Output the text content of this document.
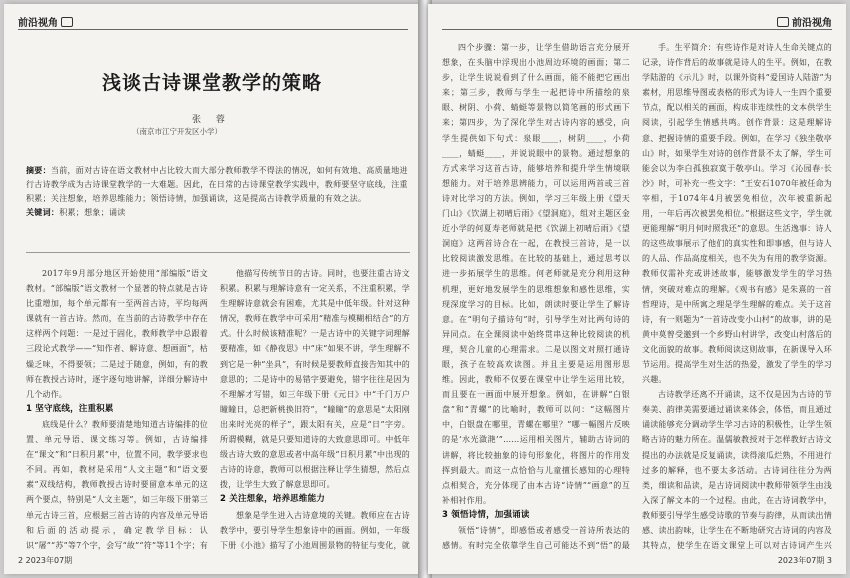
前沿视角
浅谈古诗课堂教学的策略
张 蓉
（南京市江宁开发区小学）
摘要：当前，面对古诗在语文教材中占比较大而大部分教师教学不得法的情况，如何有效地、高质量地进行古诗教学成为古诗课堂教学的一大难题。因此，在日常的古诗课堂教学实践中，教师要坚守底线，注重积累；关注想象，培养思维能力；领悟诗情，加强诵读，这是提高古诗教学质量的有效之法。
关键词：积累；想象；诵读

2017年9月部分地区开始使用“部编版”语文教材。“部编版”语文教材一个显著的特点就是古诗比重增加，每个单元都有一至两首古诗，平均每两课就有一首古诗。然而，在当前的古诗教学中存在这样两个问题：一是过于固化，教师教学中总跟着三段论式教学——“知作者、解诗意、想画面”，枯燥乏味，不得要领；二是过于随意，例如，有的教师在教授古诗时，逐字逐句地讲解，详细分解诗中几个动作。

1 坚守底线，注重积累

底线是什么？教师要清楚地知道古诗编排的位置、单元导语、课文练习等。例如，古诗编排在“课文”和“日积月累”中，位置不同，教学要求也不同。再如，教材是采用“人文主题”和“语文要素”双线结构，教师教授古诗时要留意本单元的这两个要点，特别是“人文主题”，如三年级下册第三单元古诗三首，应根据三首古诗的内容及单元导语和后面的活动提示，确定教学目标：认识“屠”“苏”等7个字，会写“故”“符”等11个字；有

他描写传统节日的古诗。同时，也要注重古诗文积累。积累与理解诗意有一定关系，不注重积累，学生理解诗意就会有困难，尤其是中低年级。针对这种情况，教师在教学中可采用“精准与模糊相结合”的方式。什么时候该精准呢？一是古诗中的关键字词理解要精准，如《静夜思》中“床”如果不讲，学生理解不到它是一种“坐具”，有时候是要教师直接告知其中的意思的；二是诗中的易错字要避免，错字往往是因为不理解才写错，如三年级下册《元日》中“千门万户瞳瞳日，总把新桃换旧符”，“瞳瞳”的意思是“太阳刚出来时光亮的样子”，跟太阳有关，应是“日”字旁。所谓模糊，就是只要知道诗的大致意思即可。中低年级古诗大致的意思或者中高年级“日积月累”中出现的古诗的诗意，教师可以根据注释让学生猜想，然后点拨，让学生大致了解意思即可。

2 关注想象，培养思维能力

想象是学生进入古诗意境的关键。教师应在古诗教学中，要引导学生想象诗中的画面。例如，一年级下册《小池》描写了小池周围景物的特征与变化，就

2 2023年07期
前沿视角

四个步骤：第一步，让学生借助语言充分展开想象，在头脑中浮现出小池周边环境的画面；第二步，让学生说说看到了什么画面，能不能把它画出来；第三步，教师与学生一起把诗中所描绘的泉眼、树阴、小荷、蜻蜓等景物以简笔画的形式画下来；第四步，为了深化学生对古诗内容的感受，向学生提供如下句式：泉眼____，树阴____，小荷____，蜻蜓____，并说说眼中的景物。通过想象的方式来学习这首古诗，能够培养和提升学生情境联想能力。对于培养思辨能力，可以运用两首或三首诗对比学习的方法。例如，学习三年级上册《望天门山》《饮湖上初晴后雨》《望洞庭》，组对主题区金近小学的何夏寿老师就是把《饮湖上初晴后雨》《望洞庭》这两首诗合在一起，在教授三首诗，是一以比较阅读激发思维。在比较的基础上，通过思考以进一步拓展学生的思维。何老师就是充分利用这种机理，更好地发展学生的思维想象和感性思维，实现深度学习的目标。比如，朗读时要让学生了解诗意。在“明句子描诗句”时，引导学生对比两句诗的异同点。在全课阅读中始终贯串这种比较阅读的机理，契合儿童的心理需求。二是以图文对照打通诗眼，孩子在较高欢读图。并且主要是运用图形思维。因此，教师不仅要在课堂中让学生运用比较，而且要在一画面中展开想象。例如，在讲解“白银盘”和“青螺”的比喻时，教师可以问：“这幅图片中，白银盘在哪里，青螺在哪里？”哪一幅图片反映的是‘水光潋滟’”……运用相关图片，辅助古诗词的讲解，将比较抽象的诗句形象化，将图片的作用发挥到最大。而这一点恰恰与儿童擅长感知的心理特点相契合，充分体现了由本古诗“诗情”“画意”的互补相衬作用。

3 领悟诗情，加强诵读

领悟“诗情”，即感悟或者感受一首诗所表达的感情。有时完全依靠学生自己可能达不到“悟”的最

手。生平简介：有些诗作是对诗人生命关键点的记录，诗作背后的故事就是诗人的生平。例如，在教学陆游的《示儿》时，以课外资料“爱国诗人陆游”为素材，用思维导图或表格的形式为诗人一生四个重要节点，配以相关的画面，构成非连续性的文本供学生阅读，引起学生情感共鸣。创作背景：这是理解诗意、把握诗情的重要手段。例如，在学习《独坐敬亭山》时，如果学生对诗的创作背景不太了解，学生可能会以为李白孤独寂寞于敬亭山。学习《沁园春·长沙》时，可补充一些文字：“王安石1070年被任命为宰相，于1074年4月被罢免相位，次年被重新起用，一年后再次被罢免相位。”根据这些文字，学生就更能理解“明月何时照我还”的意思。生活逸事：诗人的这些故事展示了他们的真实性和即事感，但与诗人的人品、作品高度相关，也不失为有用的教学资源。教师仅需补充或讲述故事，能够激发学生的学习热情，突破对难点的理解。《观书有感》是朱熹的一首哲理诗，是中所寓之理是学生理解的难点。关于这首诗，有一则题为“一首诗改变小山村”的故事，讲的是黄中莫曾受邀到一个乡野山村讲学，改变山村落后的文化面貌的故事。教师阅读这则故事，在新课导入环节运用。提高学生对生活的热爱，激发了学生的学习兴趣。

古诗教学还离不开诵读，这不仅是因为古诗的节奏美、韵律美需要通过诵读来体会，体悟，而且通过诵读能够充分调动学生学习古诗的积极性，让学生领略古诗的魅力所在。温儒敏教授对于怎样教好古诗文提出的办法就是反复诵读，读得滚瓜烂熟，不用进行过多的解释，也不要太多活动。古诗词往往分为两类，细读和品读，是古诗词阅读中教师带领学生由浅入深了解文本的一个过程。由此，在古诗词教学中，教师要引导学生感受诗歌的节奏与韵律，从而读出情感、读出韵味，让学生在不断地研究古诗词的内容及其特点，使学生在语文课堂上可以对古诗词产生兴

2023年07期 3
